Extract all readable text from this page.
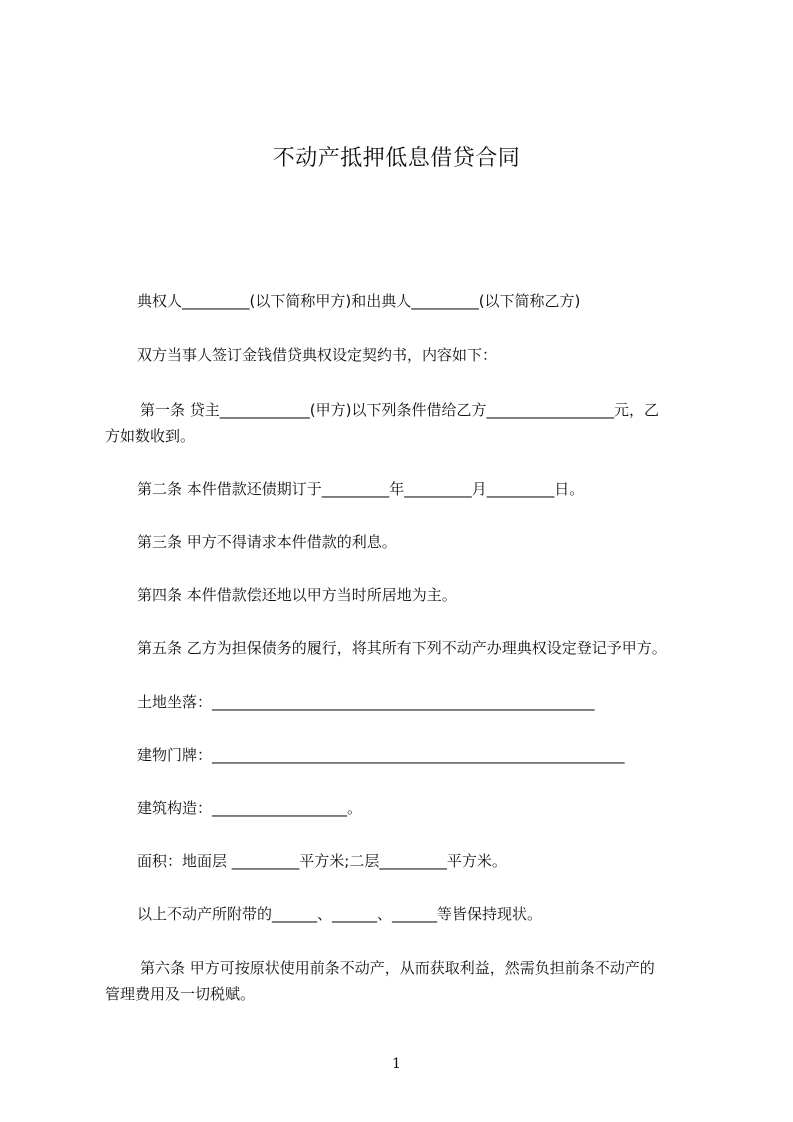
不动产抵押低息借贷合同
典权人_________(以下简称甲方)和出典人_________(以下简称乙方)
双方当事人签订金钱借贷典权设定契约书，内容如下：
第一条 贷主____________(甲方)以下列条件借给乙方_________________元，乙
方如数收到。
第二条 本件借款还债期订于_________年_________月_________日。
第三条 甲方不得请求本件借款的利息。
第四条 本件借款偿还地以甲方当时所居地为主。
第五条 乙方为担保债务的履行，将其所有下列不动产办理典权设定登记予甲方。
土地坐落：___________________________________________________
建物门牌：_______________________________________________________
建筑构造：__________________。
面积：地面层 _________平方米;二层_________平方米。
以上不动产所附带的______、______、______等皆保持现状。
第六条 甲方可按原状使用前条不动产，从而获取利益，然需负担前条不动产的
管理费用及一切税赋。
1
